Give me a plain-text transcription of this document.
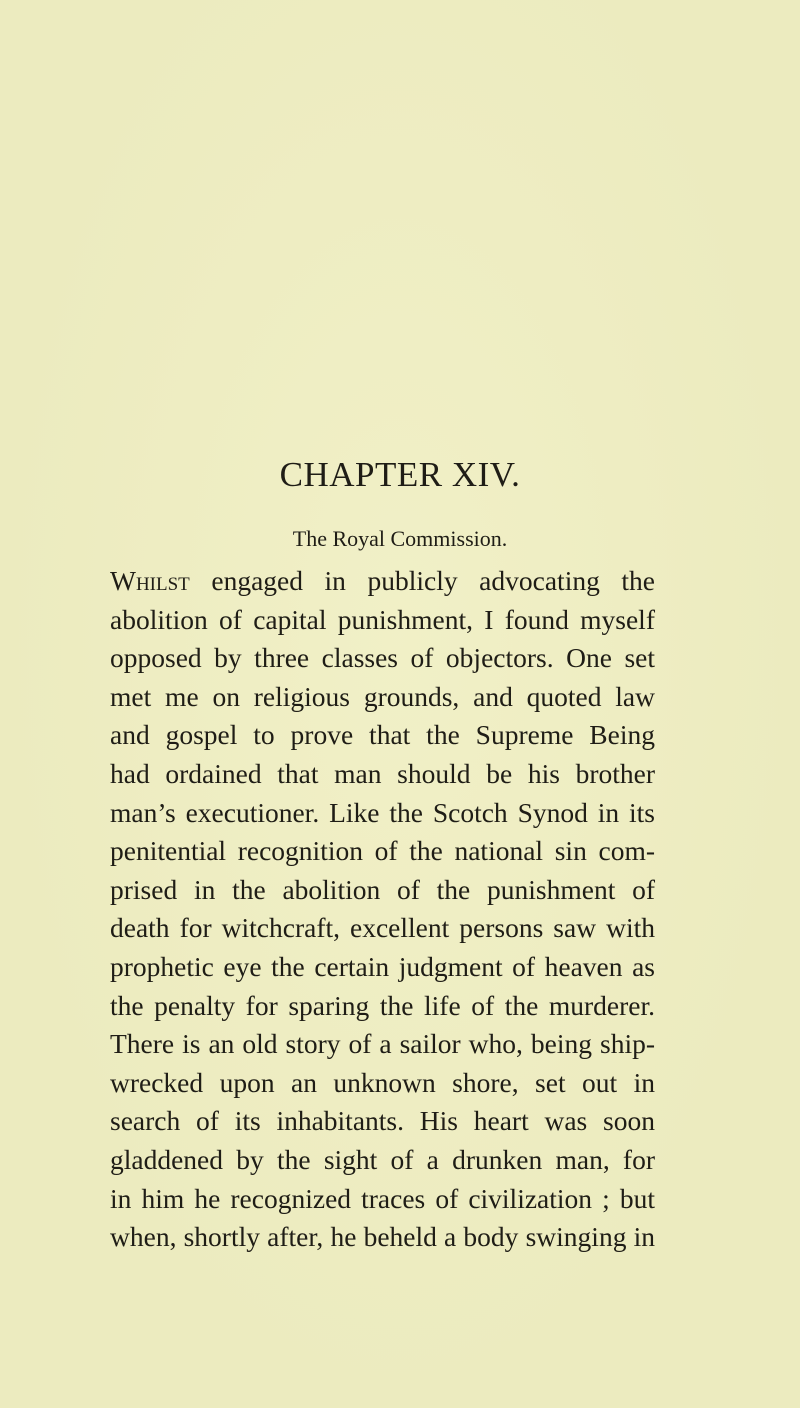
CHAPTER XIV.
The Royal Commission.
Whilst engaged in publicly advocating the
abolition of capital punishment, I found myself
opposed by three classes of objectors. One set
met me on religious grounds, and quoted law
and gospel to prove that the Supreme Being
had ordained that man should be his brother
man’s executioner. Like the Scotch Synod in its
penitential recognition of the national sin com-
prised in the abolition of the punishment of
death for witchcraft, excellent persons saw with
prophetic eye the certain judgment of heaven as
the penalty for sparing the life of the murderer.
There is an old story of a sailor who, being ship-
wrecked upon an unknown shore, set out in
search of its inhabitants. His heart was soon
gladdened by the sight of a drunken man, for
in him he recognized traces of civilization ; but
when, shortly after, he beheld a body swinging in
